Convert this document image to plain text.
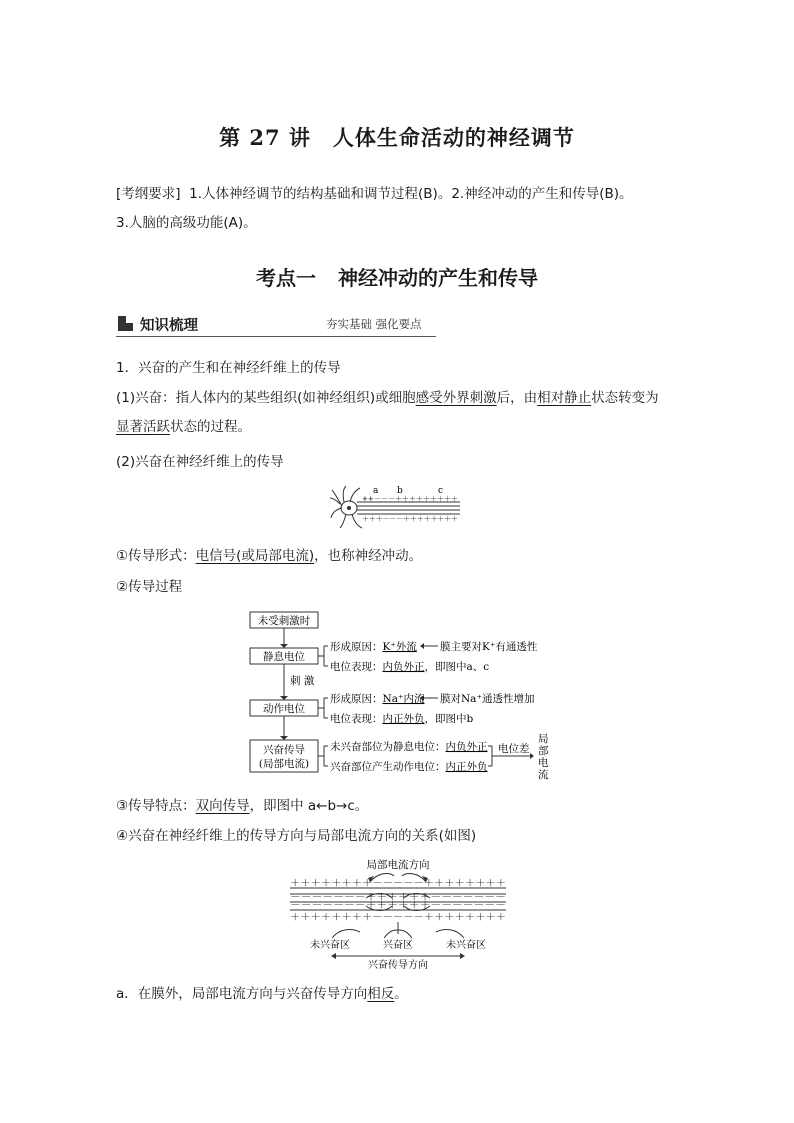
第 27 讲 人体生命活动的神经调节
[考纲要求] 1.人体神经调节的结构基础和调节过程(B)。2.神经冲动的产生和传导(B)。
3.人脑的高级功能(A)。
考点一 神经冲动的产生和传导
知识梳理	夯实基础 强化要点
1．兴奋的产生和在神经纤维上的传导
(1)兴奋：指人体内的某些组织(如神经组织)或细胞感受外界刺激后，由相对静止状态转变为
显著活跃状态的过程。
(2)兴奋在神经纤维上的传导
a b	c
++－－－＋＋＋＋＋＋＋＋＋
＋＋＋－－－＋＋＋＋＋＋＋＋
①传导形式：电信号(或局部电流)，也称神经冲动。
②传导过程
未受刺激时
静息电位
刺 激
动作电位
兴奋传导
(局部电流)
形成原因：K⁺外流 膜主要对K⁺有通透性
电位表现：内负外正，即图中a、c
形成原因：Na⁺内流 膜对Na⁺通透性增加
电位表现：内正外负，即图中b
未兴奋部位为静息电位：内负外正
兴奋部位产生动作电位：内正外负
电位差
局
部
电
流
③传导特点：双向传导，即图中 a←b→c。
④兴奋在神经纤维上的传导方向与局部电流方向的关系(如图)
局部电流方向
＋＋＋＋＋＋＋＋－－－－－＋＋＋＋＋＋＋＋
－－－－－－－＋＋＋＋＋＋－－－－－－－
－－－－－－－＋＋＋＋＋＋－－－－－－－
＋＋＋＋＋＋＋＋－－－－－＋＋＋＋＋＋＋＋
未兴奋区	兴奋区	未兴奋区
兴奋传导方向
a．在膜外，局部电流方向与兴奋传导方向相反。
